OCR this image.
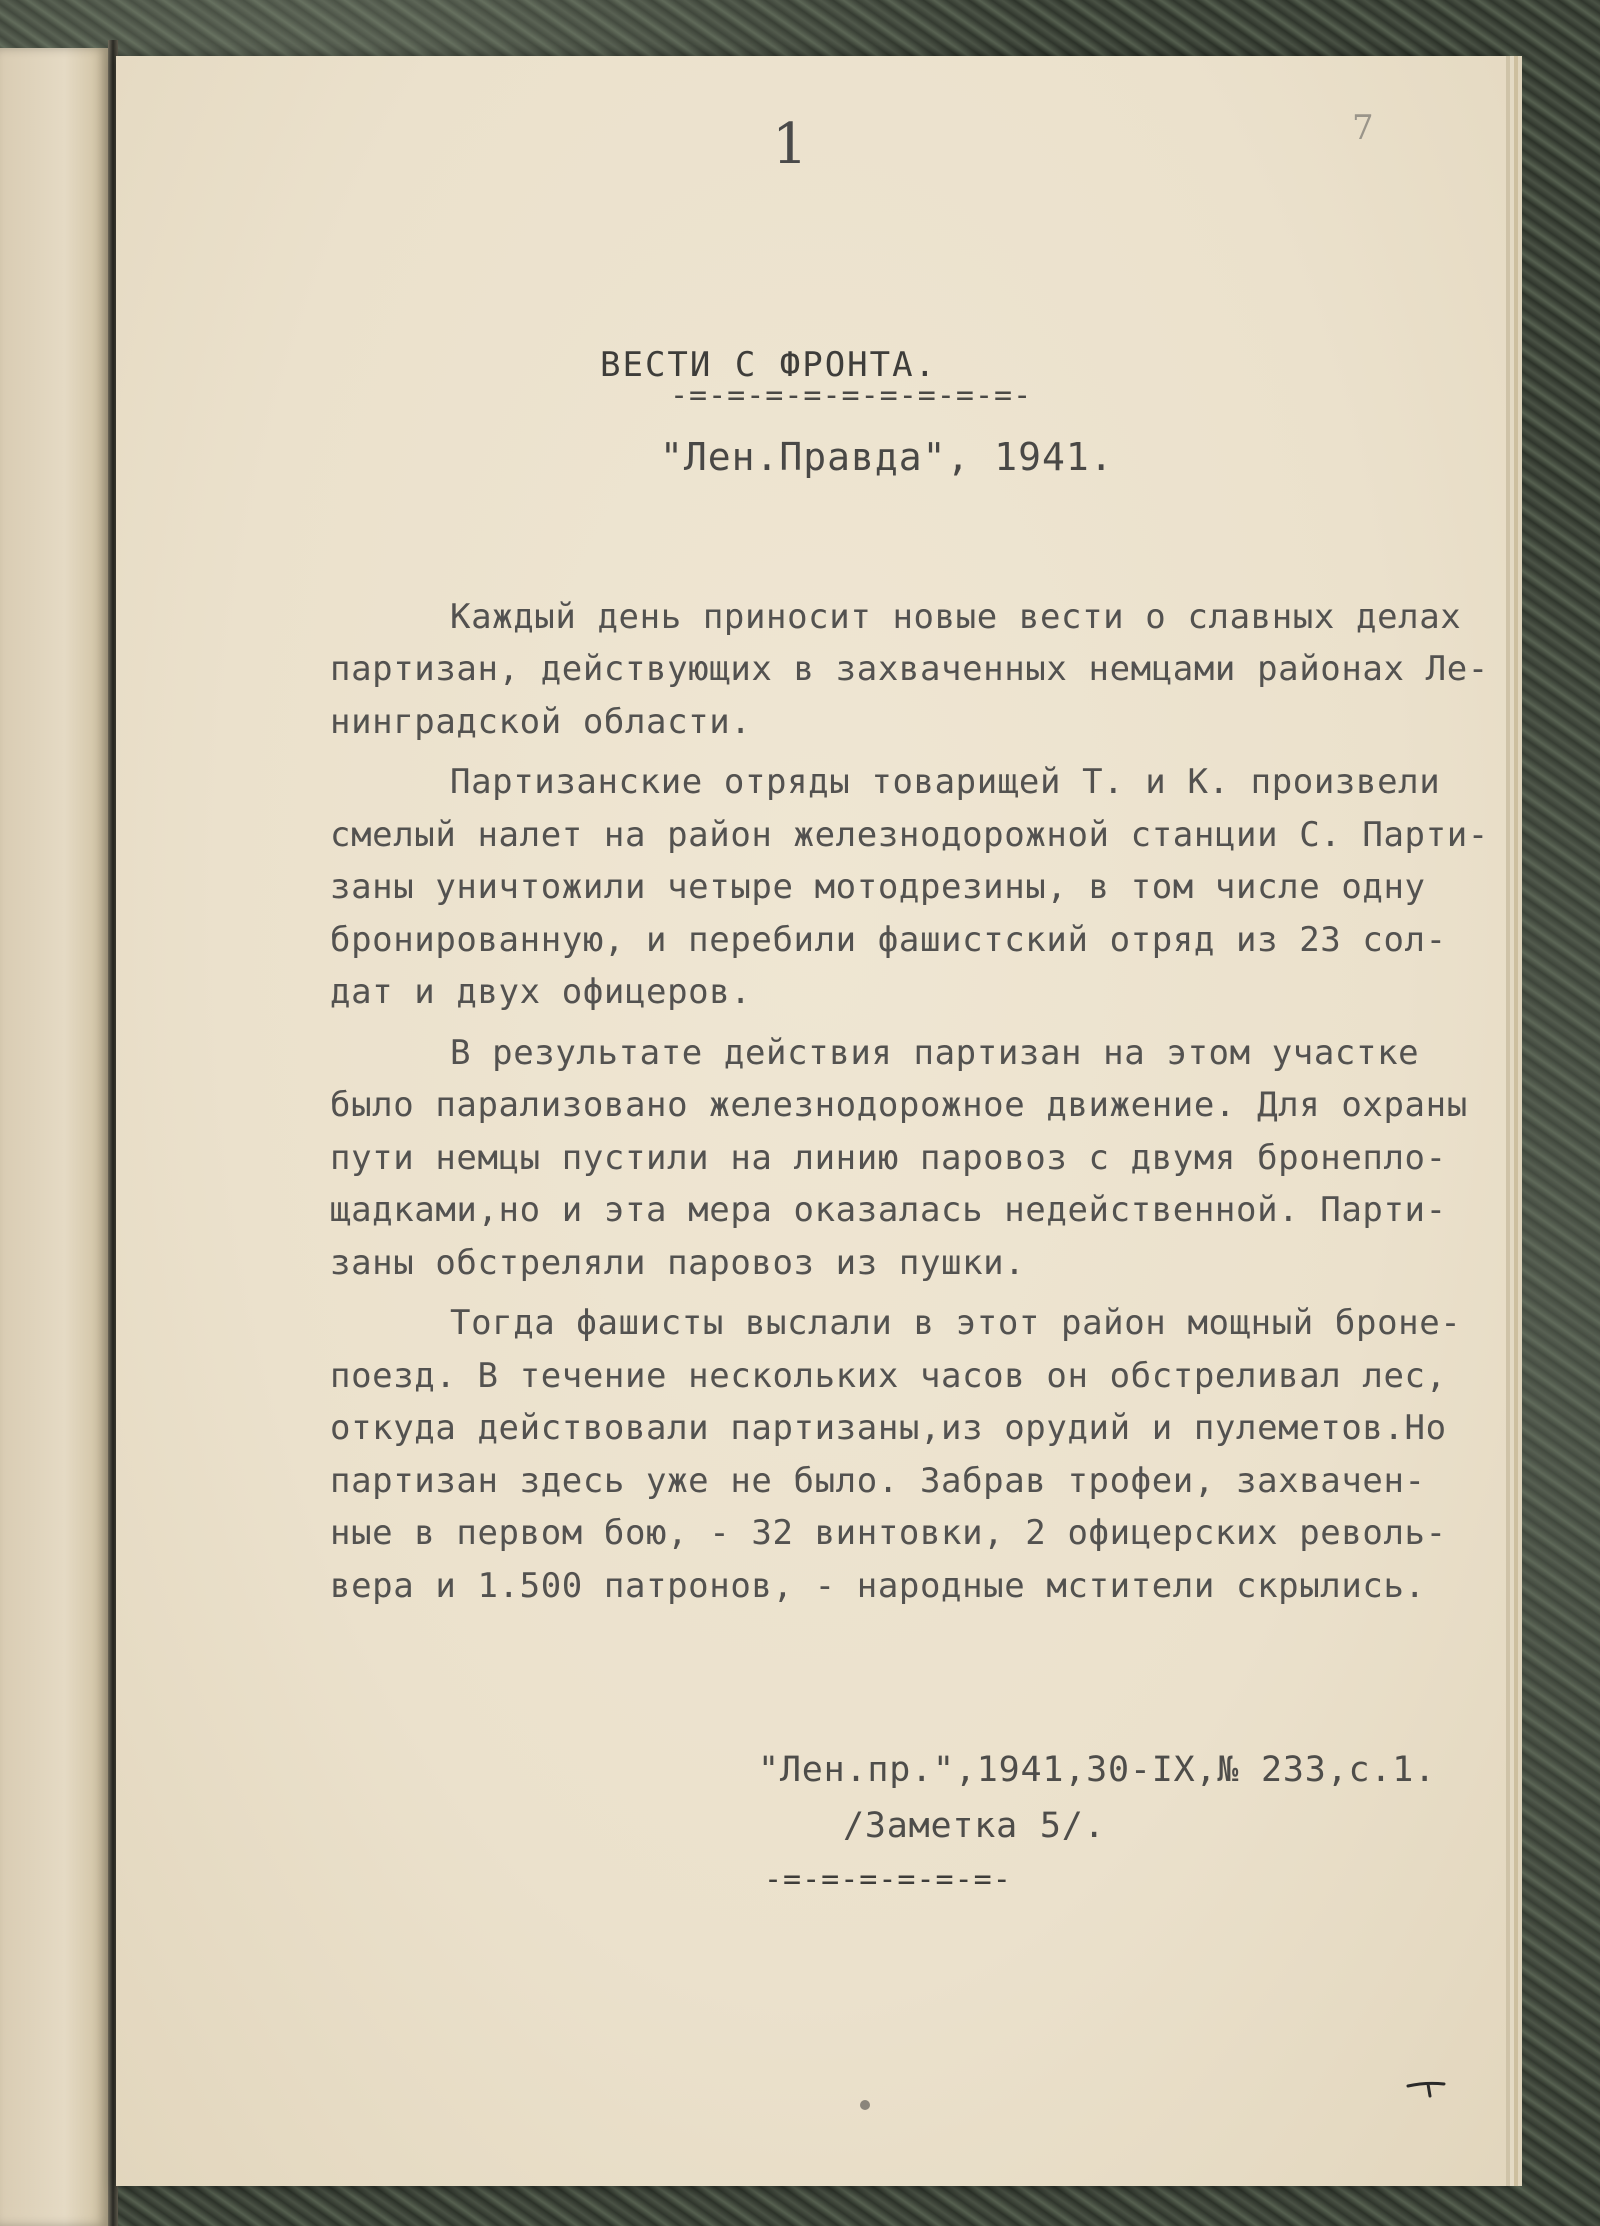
1	7
ВЕСТИ С ФРОНТА.
-=-=-=-=-=-=-=-=-=-
"Лен.Правда", 1941.

Каждый день приносит новые вести о славных делах
партизан, действующих в захваченных немцами районах Ле-
нинградской области.
Партизанские отряды товарищей Т. и К. произвели
смелый налет на район железнодорожной станции С. Парти-
заны уничтожили четыре мотодрезины, в том числе одну
бронированную, и перебили фашистский отряд из 23 сол-
дат и двух офицеров.
В результате действия партизан на этом участке
было парализовано железнодорожное движение. Для охраны
пути немцы пустили на линию паровоз с двумя бронепло-
щадками,но и эта мера оказалась недейственной. Парти-
заны обстреляли паровоз из пушки.
Тогда фашисты выслали в этот район мощный броне-
поезд. В течение нескольких часов он обстреливал лес,
откуда действовали партизаны,из орудий и пулеметов.Но
партизан здесь уже не было. Забрав трофеи, захвачен-
ные в первом бою, - 32 винтовки, 2 офицерских револь-
вера и 1.500 патронов, - народные мстители скрылись.

"Лен.пр.",1941,30-IX,№ 233,с.1.
/Заметка 5/.
-=-=-=-=-=-=-
